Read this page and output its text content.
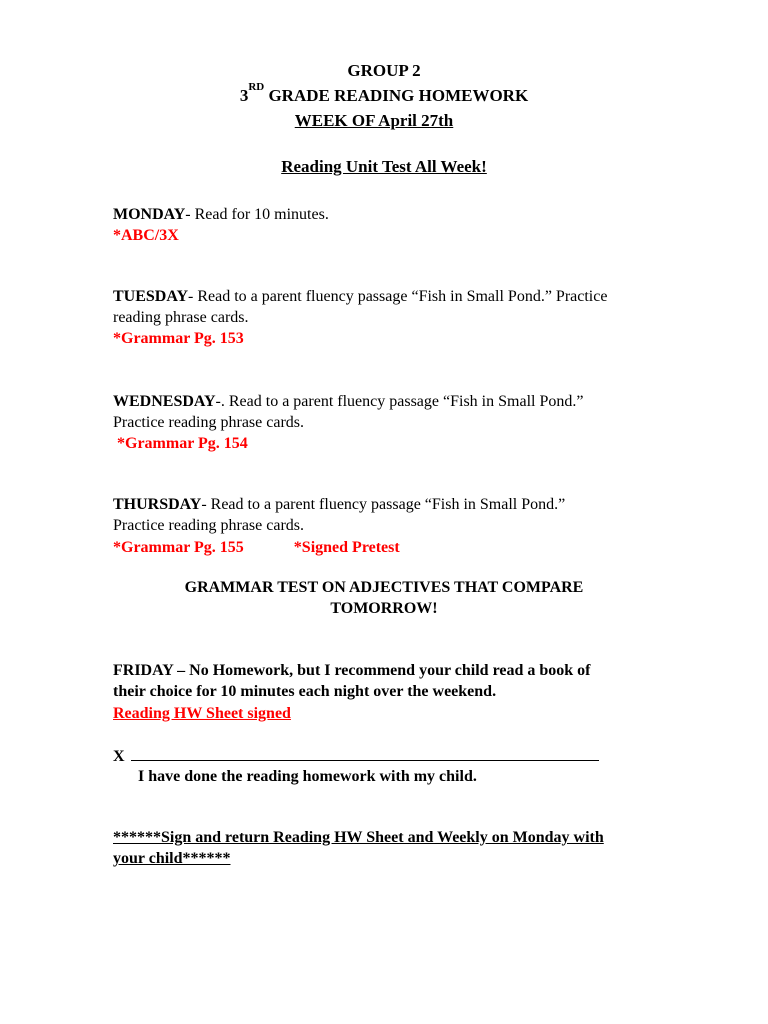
GROUP 2
3RD GRADE READING HOMEWORK
WEEK OF April 27th
Reading Unit Test All Week!
MONDAY- Read for 10 minutes.
*ABC/3X
TUESDAY- Read to a parent fluency passage “Fish in Small Pond.” Practice
reading phrase cards.
*Grammar Pg. 153
WEDNESDAY-. Read to a parent fluency passage “Fish in Small Pond.”
Practice reading phrase cards.
*Grammar Pg. 154
THURSDAY- Read to a parent fluency passage “Fish in Small Pond.”
Practice reading phrase cards.
*Grammar Pg. 155	*Signed Pretest
GRAMMAR TEST ON ADJECTIVES THAT COMPARE
TOMORROW!
FRIDAY – No Homework, but I recommend your child read a book of
their choice for 10 minutes each night over the weekend.
Reading HW Sheet signed
X
I have done the reading homework with my child.
******Sign and return Reading HW Sheet and Weekly on Monday with
your child******
